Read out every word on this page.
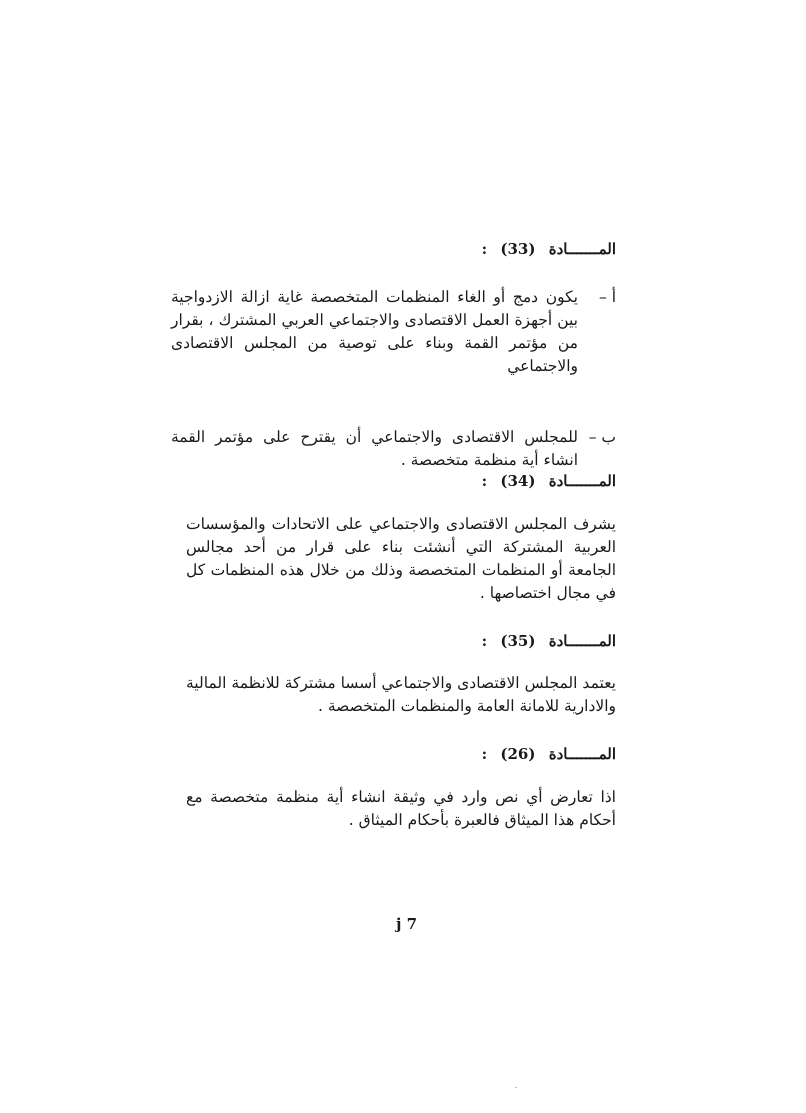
المـــــــادة (33) :
أ –
يكون دمج أو الغاء المنظمات المتخصصة غاية ازالة الازدواجية بين أجهزة العمل الاقتصادى والاجتماعي العربي المشترك ، بقرار من مؤتمر القمة وبناء على توصية من المجلس الاقتصادى والاجتماعي
ب –
للمجلس الاقتصادى والاجتماعي أن يقترح على مؤتمر القمة انشاء أية منظمة متخصصة .
المـــــــادة (34) :
يشرف المجلس الاقتصادى والاجتماعي على الاتحادات والمؤسسات العربية المشتركة التي أنشئت بناء على قرار من أحد مجالس الجامعة أو المنظمات المتخصصة وذلك من خلال هذه المنظمات كل في مجال اختصاصها .
المـــــــادة (35) :
يعتمد المجلس الاقتصادى والاجتماعي أسسا مشتركة للانظمة المالية والادارية للامانة العامة والمنظمات المتخصصة .
المـــــــادة (26) :
اذا تعارض أي نص وارد في وثيقة انشاء أية منظمة متخصصة مع أحكام هذا الميثاق فالعبرة بأحكام الميثاق .
j 7
